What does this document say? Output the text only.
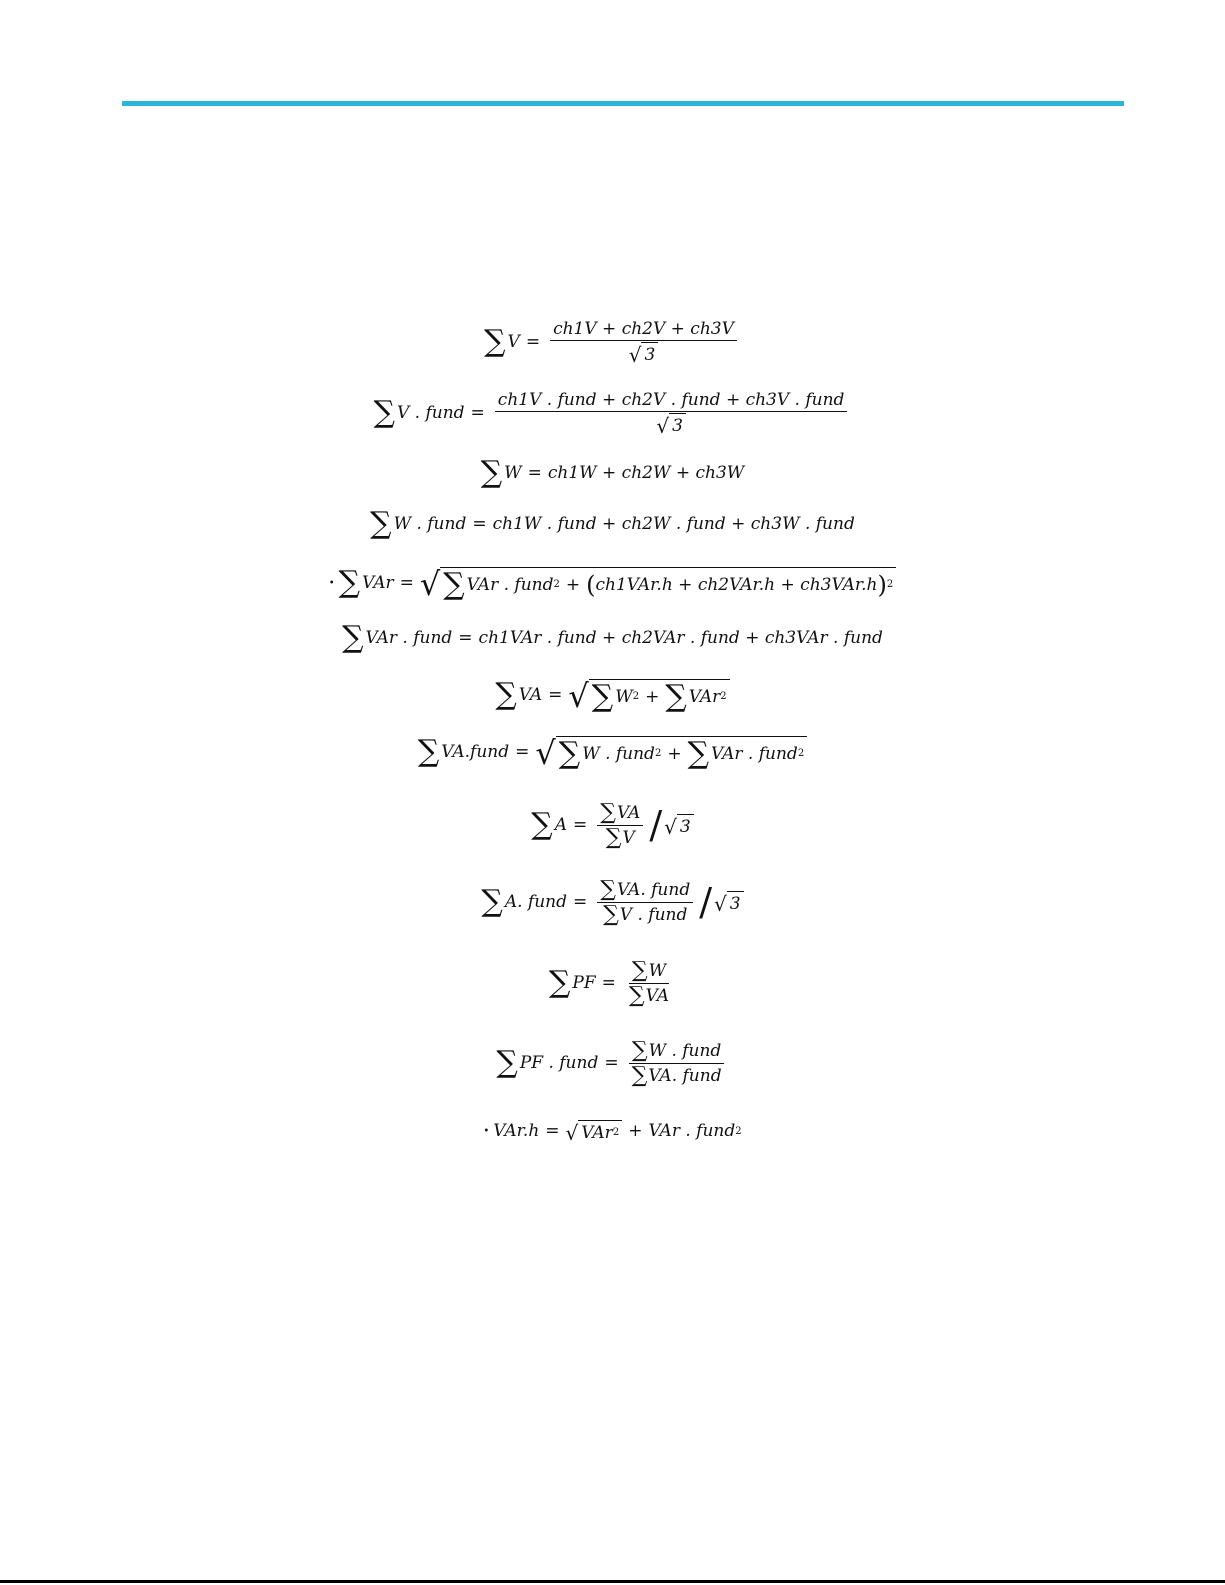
∑ $V = \frac{ch1V + ch2V + ch3V}{√ 3}$
∑ V . fund = $\frac{\text{ch1V . fund + ch2V . fund + ch3V . fund}}{√ 3}$
∑ W = ch1W + ch2W + ch3W
∑ W . fund = ch1W . fund + ch2W . fund + ch3W . fund
• ∑ VAr = √ ∑ VAr . fund 2 + ( ch1VAr.h + ch2VAr.h + ch3VAr.h ) 2
∑ VAr . fund = ch1VAr . fund + ch2VAr . fund + ch3VAr . fund
∑ VA = √ ∑ W 2 + ∑ VAr 2
∑ VA.fund = √ ∑ W . fund 2 + ∑ VAr . fund 2
∑ $A = \frac{\sum VA}{\sum V}$ / √ 3
∑ A. fund = $\frac{\text{∑ VA. fund}}{\text{∑ V . fund}}$ / √ 3
∑ PF = $\frac{\sum W}{\sum VA}$
∑ PF . fund = $\frac{\text{∑ W . fund}}{\text{∑ VA. fund}}$
• VAr.h = √ VAr 2 + VAr . fund 2
